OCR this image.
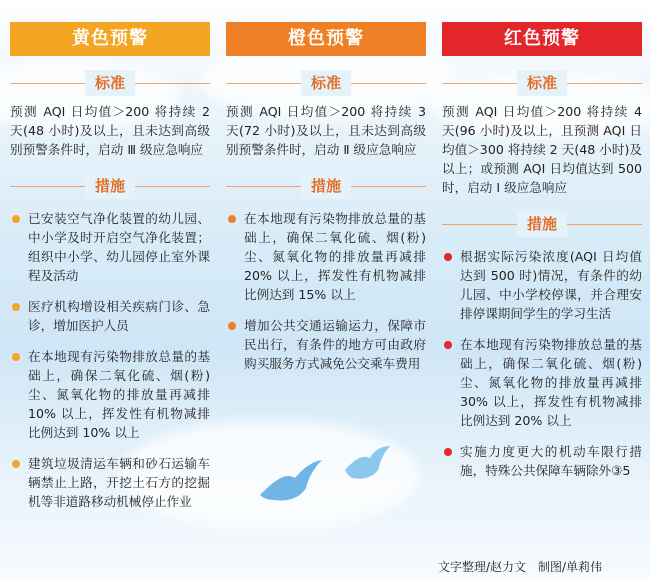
黄色预警
标准
预测 AQI 日均值＞200 将持续 2 天(48 小时)及以上，且未达到高级别预警条件时，启动 Ⅲ 级应急响应
措施
已安装空气净化装置的幼儿园、中小学及时开启空气净化装置；组织中小学、幼儿园停止室外课程及活动
医疗机构增设相关疾病门诊、急诊，增加医护人员
在本地现有污染物排放总量的基础上，确保二氧化硫、烟(粉)尘、氮氧化物的排放量再减排 10% 以上，挥发性有机物减排比例达到 10% 以上
建筑垃圾清运车辆和砂石运输车辆禁止上路，开挖土石方的挖掘机等非道路移动机械停止作业
橙色预警
标准
预测 AQI 日均值＞200 将持续 3 天(72 小时)及以上，且未达到高级别预警条件时，启动 Ⅱ 级应急响应
措施
在本地现有污染物排放总量的基础上，确保二氧化硫、烟(粉)尘、氮氧化物的排放量再减排 20% 以上，挥发性有机物减排比例达到 15% 以上
增加公共交通运输运力，保障市民出行，有条件的地方可由政府购买服务方式减免公交乘车费用
红色预警
标准
预测 AQI 日均值＞200 将持续 4 天(96 小时)及以上，且预测 AQI 日均值＞300 将持续 2 天(48 小时)及以上；或预测 AQI 日均值达到 500 时，启动 Ⅰ 级应急响应
措施
根据实际污染浓度(AQI 日均值达到 500 时)情况，有条件的幼儿园、中小学校停课，并合理安排停课期间学生的学习生活
在本地现有污染物排放总量的基础上，确保二氧化硫、烟(粉)尘、氮氧化物的排放量再减排 30% 以上，挥发性有机物减排比例达到 20% 以上
实施力度更大的机动车限行措施，特殊公共保障车辆除外③5
文字整理/赵力文　制图/单莉伟
